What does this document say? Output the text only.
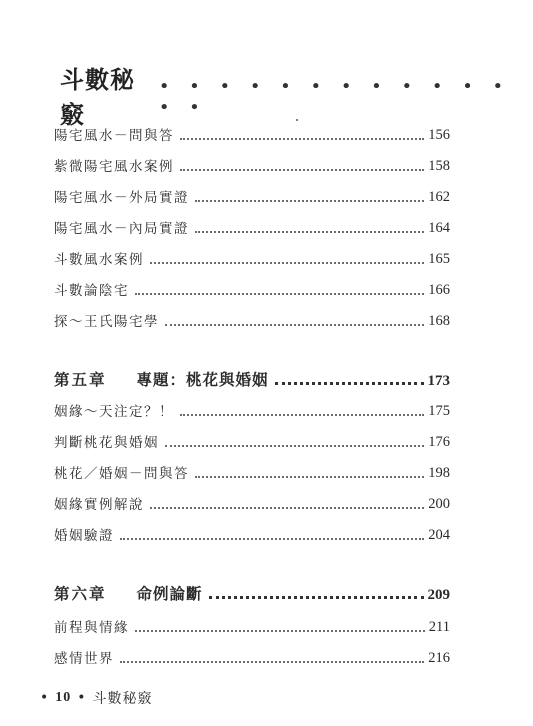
斗數秘竅
• • • • • • • • • • • • • •
陽宅風水－問與答	156
紫微陽宅風水案例	158
陽宅風水－外局實證	162
陽宅風水－內局實證	164
斗數風水案例	165
斗數論陰宅	166
探～王氏陽宅學	168
第五章 專題：桃花與婚姻	173
姻緣～天注定？！	175
判斷桃花與婚姻	176
桃花／婚姻－問與答	198
姻緣實例解說	200
婚姻驗證	204
第六章 命例論斷	209
前程與情緣	211
感情世界	216
• 10 • 斗數秘竅
